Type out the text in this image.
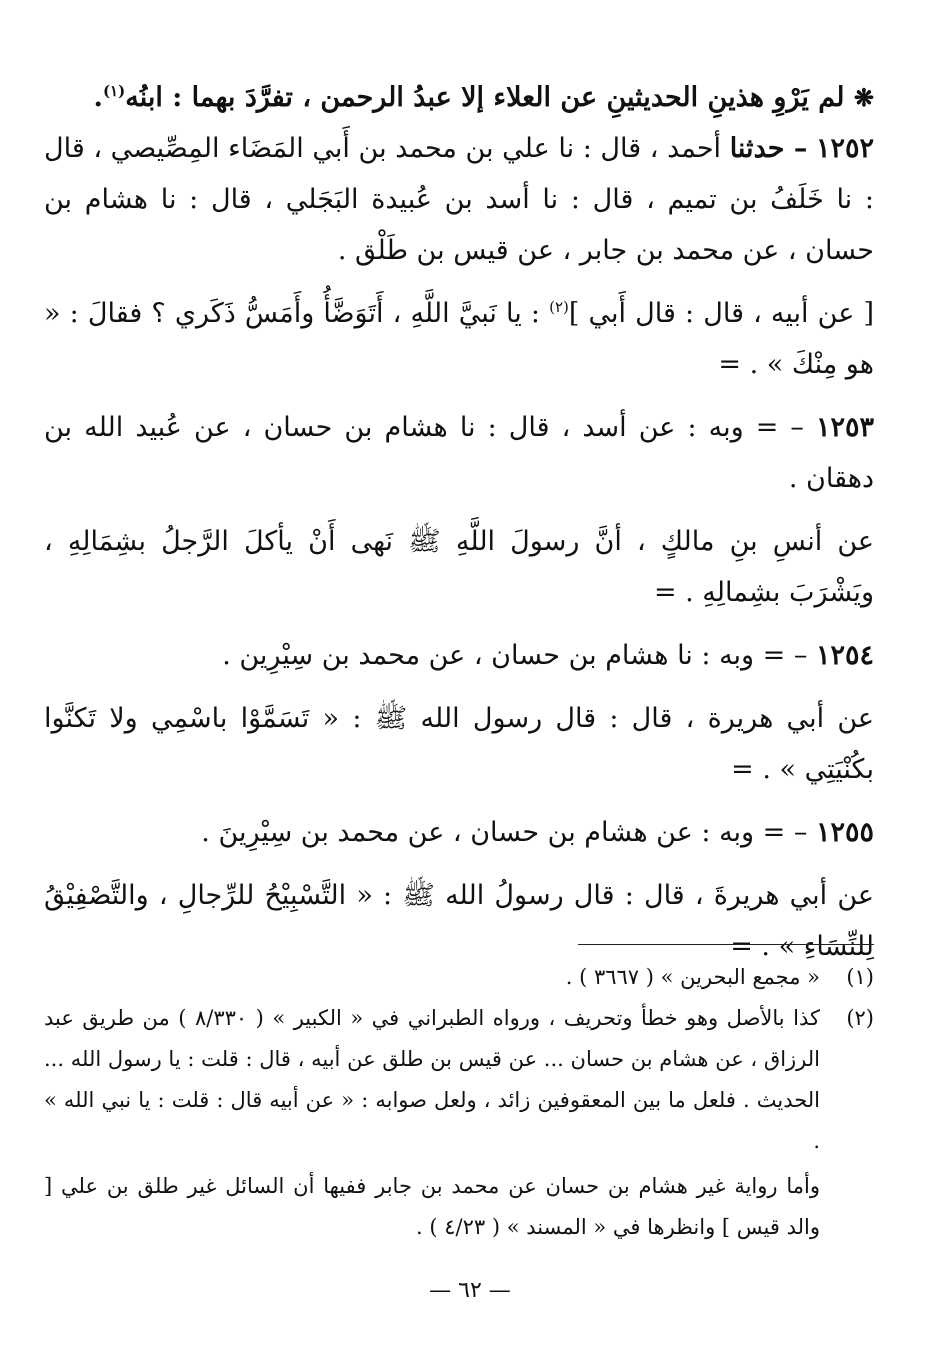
❋ لم يَرْوِ هذينِ الحديثينِ عن العلاء إلا عبدُ الرحمن ، تفرَّدَ بهما : ابنُه$^{(١)}$.

١٢٥٢ – حدثنا أحمد ، قال : نا علي بن محمد بن أَبي المَضَاء المِصِّيصي ، قال : نا خَلَفُ بن تميم ، قال : نا أسد بن عُبيدة البَجَلي ، قال : نا هشام بن حسان ، عن محمد بن جابر ، عن قيس بن طَلْق .

[ عن أبيه ، قال : قال أَبي ]$^{(٢)}$ : يا نَبيَّ اللَّهِ ، أَتَوَضَّأُ وأَمَسُّ ذَكَري ؟ فقالَ : « هو مِنْكَ » . =

١٢٥٣ – = وبه : عن أسد ، قال : نا هشام بن حسان ، عن عُبيد الله بن دهقان .

عن أنسِ بنِ مالكٍ ، أنَّ رسولَ اللَّهِ ﷺ نَهى أَنْ يأكلَ الرَّجلُ بشِمَالِهِ ، ويَشْرَبَ بشِمالِهِ . =

١٢٥٤ – = وبه : نا هشام بن حسان ، عن محمد بن سِيْرِين .

عن أبي هريرة ، قال : قال رسول الله ﷺ : « تَسَمَّوْا باسْمِي ولا تَكنَّوا بكُنْيَتِي » . =

١٢٥٥ – = وبه : عن هشام بن حسان ، عن محمد بن سِيْرِينَ .

عن أبي هريرةَ ، قال : قال رسولُ الله ﷺ : « التَّسْبِيْحُ للرِّجالِ ، والتَّصْفِيْقُ لِلنِّسَاءِ » . =

(١)
« مجمع البحرين » ( ٣٦٦٧ ) .
(٢)
كذا بالأصل وهو خطأ وتحريف ، ورواه الطبراني في « الكبير » ( ٨/٣٣٠ ) من طريق عبد الرزاق ، عن هشام بن حسان ... عن قيس بن طلق عن أبيه ، قال : قلت : يا رسول الله ... الحديث . فلعل ما بين المعقوفين زائد ، ولعل صوابه : « عن أبيه قال : قلت : يا نبي الله » .
وأما رواية غير هشام بن حسان عن محمد بن جابر ففيها أن السائل غير طلق بن علي [ والد قيس ] وانظرها في « المسند » ( ٤/٢٣ ) .
— ٦٢ —
